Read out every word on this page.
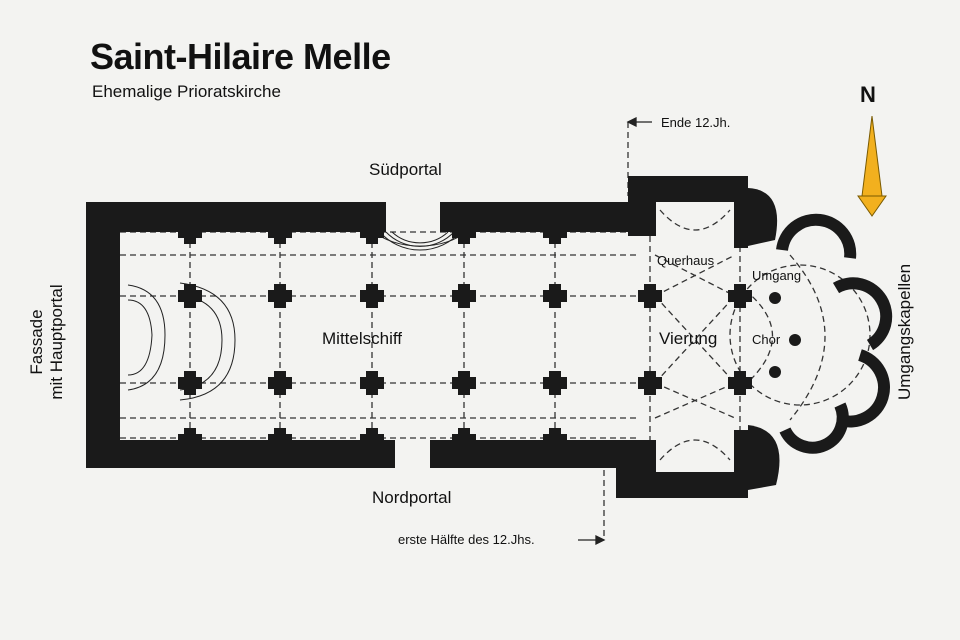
Saint-Hilaire Melle
Ehemalige Prioratskirche	N
Ende 12.Jh.
erste Hälfte des 12.Jhs.
Südportal
Nordportal
Mittelschiff
Querhaus
Vierung
Umgang
Chor
Fassade
mit Hauptportal	Umgangskapellen
